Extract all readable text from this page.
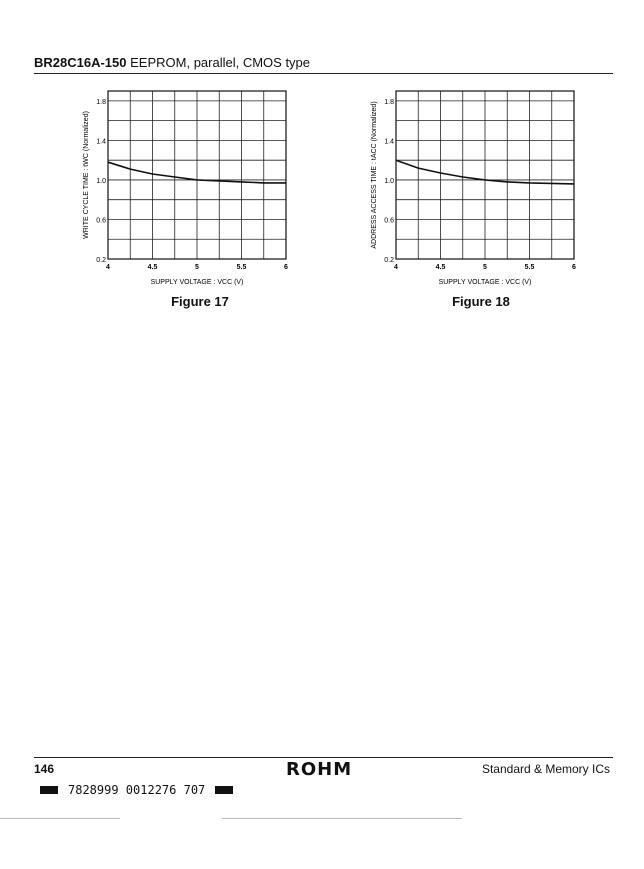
BR28C16A-150 EEPROM, parallel, CMOS type
1.8
1.4
1.0
0.6
0.2
4	4.5	5	5.5	6
SUPPLY VOLTAGE : VCC (V)
WRITE CYCLE TIME : tWC (Normalized)
Figure 17
1.8
1.4
1.0
0.6
0.2
4	4.5	5	5.5	6
SUPPLY VOLTAGE : VCC (V)
ADDRESS ACCESS TIME : tACC (Normalized)
Figure 18
146	ROHM	Standard & Memory ICs
7828999 0012276 707
